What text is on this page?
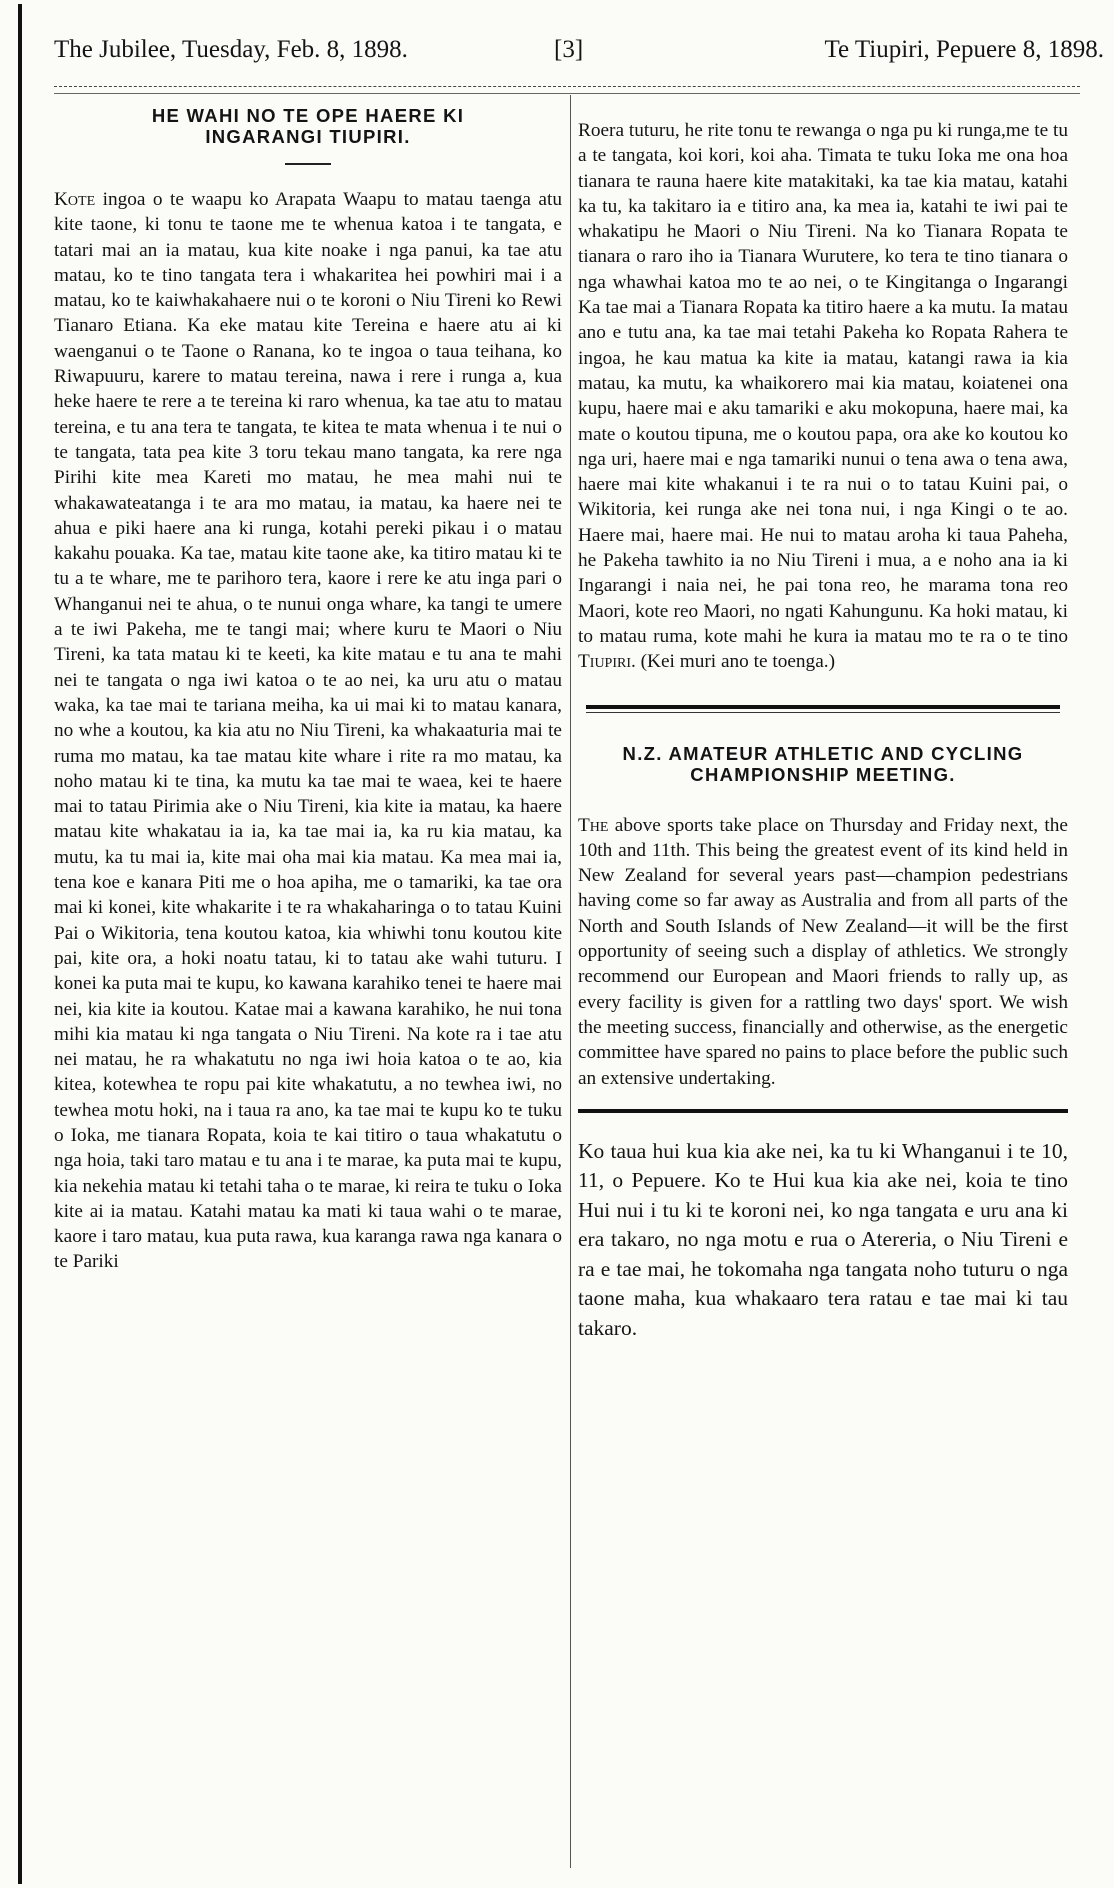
The Jubilee, Tuesday, Feb. 8, 1898.	[3]	Te Tiupiri, Pepuere 8, 1898.
HE WAHI NO TE OPE HAERE KI
INGARANGI TIUPIRI.

Kote ingoa o te waapu ko Arapata Waapu to matau taenga atu kite taone, ki tonu te taone me te whenua katoa i te tangata, e tatari mai an ia matau, kua kite noake i nga panui, ka tae atu matau, ko te tino tangata tera i whakaritea hei powhiri mai i a matau, ko te kaiwhakahaere nui o te koroni o Niu Tireni ko Rewi Tianaro Etiana. Ka eke matau kite Tereina e haere atu ai ki waenganui o te Taone o Ranana, ko te ingoa o taua teihana, ko Riwapuuru, karere to matau tereina, nawa i rere i runga a, kua heke haere te rere a te tereina ki raro whenua, ka tae atu to matau tereina, e tu ana tera te tangata, te kitea te mata whenua i te nui o te tangata, tata pea kite 3 toru tekau mano tangata, ka rere nga Pirihi kite mea Kareti mo matau, he mea mahi nui te whakawateatanga i te ara mo matau, ia matau, ka haere nei te ahua e piki haere ana ki runga, kotahi pereki pikau i o matau kakahu pouaka. Ka tae, matau kite taone ake, ka titiro matau ki te tu a te whare, me te parihoro tera, kaore i rere ke atu inga pari o Whanganui nei te ahua, o te nunui onga whare, ka tangi te umere a te iwi Pakeha, me te tangi mai; where kuru te Maori o Niu Tireni, ka tata matau ki te keeti, ka kite matau e tu ana te mahi nei te tangata o nga iwi katoa o te ao nei, ka uru atu o matau waka, ka tae mai te tariana meiha, ka ui mai ki to matau kanara, no whe a koutou, ka kia atu no Niu Tireni, ka whakaaturia mai te ruma mo matau, ka tae matau kite whare i rite ra mo matau, ka noho matau ki te tina, ka mutu ka tae mai te waea, kei te haere mai to tatau Pirimia ake o Niu Tireni, kia kite ia matau, ka haere matau kite whakatau ia ia, ka tae mai ia, ka ru kia matau, ka mutu, ka tu mai ia, kite mai oha mai kia matau. Ka mea mai ia, tena koe e kanara Piti me o hoa apiha, me o tamariki, ka tae ora mai ki konei, kite whakarite i te ra whakaharinga o to tatau Kuini Pai o Wikitoria, tena koutou katoa, kia whiwhi tonu koutou kite pai, kite ora, a hoki noatu tatau, ki to tatau ake wahi tuturu. I konei ka puta mai te kupu, ko kawana karahiko tenei te haere mai nei, kia kite ia koutou. Katae mai a kawana karahiko, he nui tona mihi kia matau ki nga tangata o Niu Tireni. Na kote ra i tae atu nei matau, he ra whakatutu no nga iwi hoia katoa o te ao, kia kitea, kotewhea te ropu pai kite whakatutu, a no tewhea iwi, no tewhea motu hoki, na i taua ra ano, ka tae mai te kupu ko te tuku o Ioka, me tianara Ropata, koia te kai titiro o taua whakatutu o nga hoia, taki taro matau e tu ana i te marae, ka puta mai te kupu, kia nekehia matau ki tetahi taha o te marae, ki reira te tuku o Ioka kite ai ia matau. Katahi matau ka mati ki taua wahi o te marae, kaore i taro matau, kua puta rawa, kua karanga rawa nga kanara o te Pariki

Roera tuturu, he rite tonu te rewanga o nga pu ki runga,me te tu a te tangata, koi kori, koi aha. Timata te tuku Ioka me ona hoa tianara te rauna haere kite matakitaki, ka tae kia matau, katahi ka tu, ka takitaro ia e titiro ana, ka mea ia, katahi te iwi pai te whakatipu he Maori o Niu Tireni. Na ko Tianara Ropata te tianara o raro iho ia Tianara Wurutere, ko tera te tino tianara o nga whawhai katoa mo te ao nei, o te Kingitanga o Ingarangi Ka tae mai a Tianara Ropata ka titiro haere a ka mutu. Ia matau ano e tutu ana, ka tae mai tetahi Pakeha ko Ropata Rahera te ingoa, he kau matua ka kite ia matau, katangi rawa ia kia matau, ka mutu, ka whaikorero mai kia matau, koiatenei ona kupu, haere mai e aku tamariki e aku mokopuna, haere mai, ka mate o koutou tipuna, me o koutou papa, ora ake ko koutou ko nga uri, haere mai e nga tamariki nunui o tena awa o tena awa, haere mai kite whakanui i te ra nui o to tatau Kuini pai, o Wikitoria, kei runga ake nei tona nui, i nga Kingi o te ao. Haere mai, haere mai. He nui to matau aroha ki taua Paheha, he Pakeha tawhito ia no Niu Tireni i mua, a e noho ana ia ki Ingarangi i naia nei, he pai tona reo, he marama tona reo Maori, kote reo Maori, no ngati Kahungunu. Ka hoki matau, ki to matau ruma, kote mahi he kura ia matau mo te ra o te tino Tiupiri. (Kei muri ano te toenga.)

N.Z. AMATEUR ATHLETIC AND CYCLING
CHAMPIONSHIP MEETING.

The above sports take place on Thursday and Friday next, the 10th and 11th. This being the greatest event of its kind held in New Zealand for several years past—champion pedestrians having come so far away as Australia and from all parts of the North and South Islands of New Zealand—it will be the first opportunity of seeing such a display of athletics. We strongly recommend our European and Maori friends to rally up, as every facility is given for a rattling two days' sport. We wish the meeting success, financially and otherwise, as the energetic committee have spared no pains to place before the public such an extensive undertaking.

Ko taua hui kua kia ake nei, ka tu ki Whanganui i te 10, 11, o Pepuere. Ko te Hui kua kia ake nei, koia te tino Hui nui i tu ki te koroni nei, ko nga tangata e uru ana ki era takaro, no nga motu e rua o Atereria, o Niu Tireni e ra e tae mai, he tokomaha nga tangata noho tuturu o nga taone maha, kua whakaaro tera ratau e tae mai ki tau takaro.
